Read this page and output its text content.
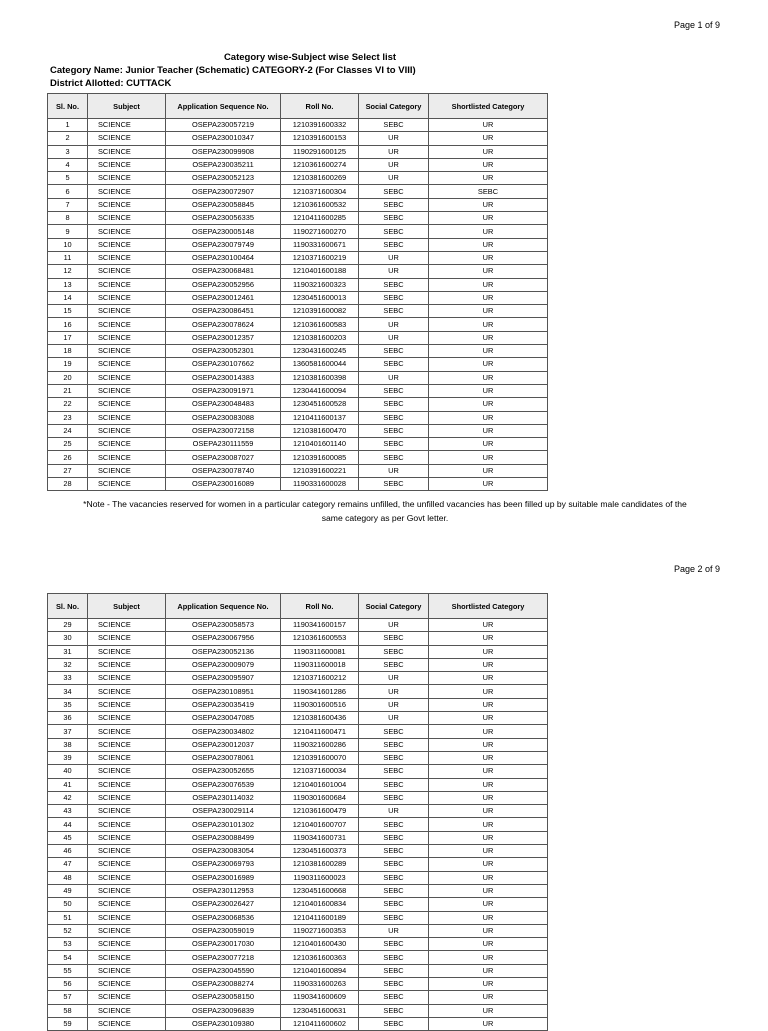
Page 1 of 9
Category wise-Subject wise Select list
Category Name: Junior Teacher (Schematic) CATEGORY-2 (For Classes VI to VIII)
District Allotted: CUTTACK
Sl. No.	Subject	Application Sequence No.	Roll No.	Social Category	Shortlisted Category
1	SCIENCE	OSEPA230057219	1210391600332	SEBC	UR
2	SCIENCE	OSEPA230010347	1210391600153	UR	UR
3	SCIENCE	OSEPA230099908	1190291600125	UR	UR
4	SCIENCE	OSEPA230035211	1210361600274	UR	UR
5	SCIENCE	OSEPA230052123	1210381600269	UR	UR
6	SCIENCE	OSEPA230072907	1210371600304	SEBC	SEBC
7	SCIENCE	OSEPA230058845	1210361600532	SEBC	UR
8	SCIENCE	OSEPA230056335	1210411600285	SEBC	UR
9	SCIENCE	OSEPA230005148	1190271600270	SEBC	UR
10	SCIENCE	OSEPA230079749	1190331600671	SEBC	UR
11	SCIENCE	OSEPA230100464	1210371600219	UR	UR
12	SCIENCE	OSEPA230068481	1210401600188	UR	UR
13	SCIENCE	OSEPA230052956	1190321600323	SEBC	UR
14	SCIENCE	OSEPA230012461	1230451600013	SEBC	UR
15	SCIENCE	OSEPA230086451	1210391600082	SEBC	UR
16	SCIENCE	OSEPA230078624	1210361600583	UR	UR
17	SCIENCE	OSEPA230012357	1210381600203	UR	UR
18	SCIENCE	OSEPA230052301	1230431600245	SEBC	UR
19	SCIENCE	OSEPA230107662	1360581600044	SEBC	UR
20	SCIENCE	OSEPA230014383	1210381600398	UR	UR
21	SCIENCE	OSEPA230091971	1230441600094	SEBC	UR
22	SCIENCE	OSEPA230048483	1230451600528	SEBC	UR
23	SCIENCE	OSEPA230083088	1210411600137	SEBC	UR
24	SCIENCE	OSEPA230072158	1210381600470	SEBC	UR
25	SCIENCE	OSEPA230111559	1210401601140	SEBC	UR
26	SCIENCE	OSEPA230087027	1210391600085	SEBC	UR
27	SCIENCE	OSEPA230078740	1210391600221	UR	UR
28	SCIENCE	OSEPA230016089	1190331600028	SEBC	UR
*Note - The vacancies reserved for women in a particular category remains unfilled, the unfilled vacancies has been filled up by suitable male candidates of the
same category as per Govt letter.
Page 2 of 9
Sl. No.	Subject	Application Sequence No.	Roll No.	Social Category	Shortlisted Category
29	SCIENCE	OSEPA230058573	1190341600157	UR	UR
30	SCIENCE	OSEPA230067956	1210361600553	SEBC	UR
31	SCIENCE	OSEPA230052136	1190311600081	SEBC	UR
32	SCIENCE	OSEPA230009079	1190311600018	SEBC	UR
33	SCIENCE	OSEPA230095907	1210371600212	UR	UR
34	SCIENCE	OSEPA230108951	1190341601286	UR	UR
35	SCIENCE	OSEPA230035419	1190301600516	UR	UR
36	SCIENCE	OSEPA230047085	1210381600436	UR	UR
37	SCIENCE	OSEPA230034802	1210411600471	SEBC	UR
38	SCIENCE	OSEPA230012037	1190321600286	SEBC	UR
39	SCIENCE	OSEPA230078061	1210391600070	SEBC	UR
40	SCIENCE	OSEPA230052655	1210371600034	SEBC	UR
41	SCIENCE	OSEPA230076539	1210401601004	SEBC	UR
42	SCIENCE	OSEPA230114032	1190301600684	SEBC	UR
43	SCIENCE	OSEPA230029114	1210361600479	UR	UR
44	SCIENCE	OSEPA230101302	1210401600707	SEBC	UR
45	SCIENCE	OSEPA230088499	1190341600731	SEBC	UR
46	SCIENCE	OSEPA230083054	1230451600373	SEBC	UR
47	SCIENCE	OSEPA230069793	1210381600289	SEBC	UR
48	SCIENCE	OSEPA230016989	1190311600023	SEBC	UR
49	SCIENCE	OSEPA230112953	1230451600668	SEBC	UR
50	SCIENCE	OSEPA230026427	1210401600834	SEBC	UR
51	SCIENCE	OSEPA230068536	1210411600189	SEBC	UR
52	SCIENCE	OSEPA230059019	1190271600353	UR	UR
53	SCIENCE	OSEPA230017030	1210401600430	SEBC	UR
54	SCIENCE	OSEPA230077218	1210361600363	SEBC	UR
55	SCIENCE	OSEPA230045590	1210401600894	SEBC	UR
56	SCIENCE	OSEPA230088274	1190331600263	SEBC	UR
57	SCIENCE	OSEPA230058150	1190341600609	SEBC	UR
58	SCIENCE	OSEPA230096839	1230451600631	SEBC	UR
59	SCIENCE	OSEPA230109380	1210411600602	SEBC	UR
